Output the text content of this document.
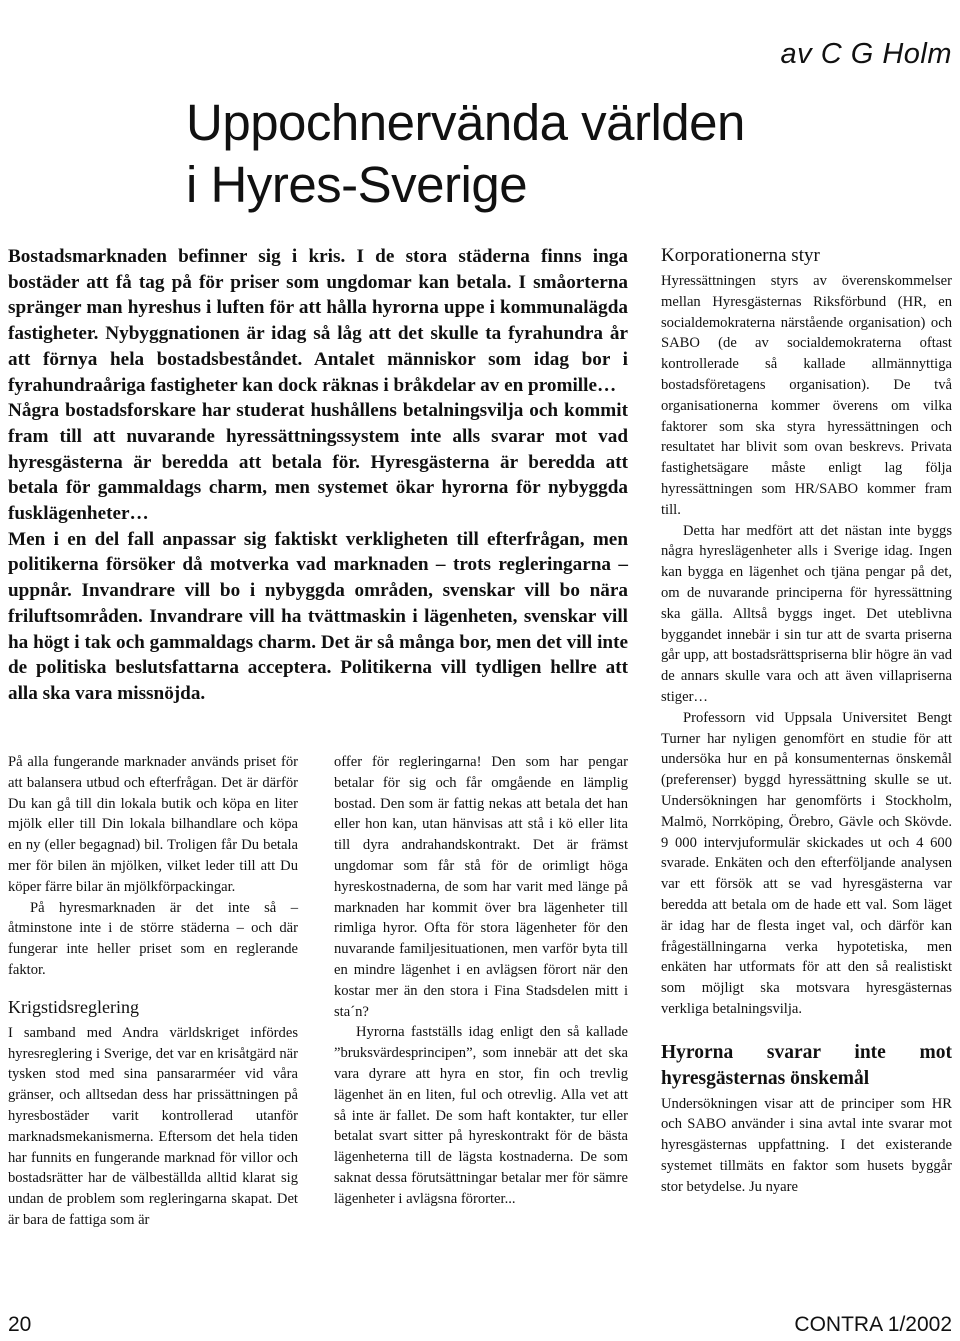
av C G Holm
Uppochnervända världen
i Hyres-Sverige

Bostadsmarknaden befinner sig i kris. I de stora städerna finns inga bostäder att få tag på för priser som ungdomar kan betala. I småorterna spränger man hyreshus i luften för att hålla hyrorna uppe i kommunalägda fastigheter. Nybyggnationen är idag så låg att det skulle ta fyrahundra år att förnya hela bostadsbeståndet. Antalet människor som idag bor i fyrahundraåriga fastigheter kan dock räknas i bråkdelar av en promille…

Några bostadsforskare har studerat hushållens betalningsvilja och kommit fram till att nuvarande hyressättningssystem inte alls svarar mot vad hyresgästerna är beredda att betala för. Hyresgästerna är beredda att betala för gammaldags charm, men systemet ökar hyrorna för nybyggda fusklägenheter…

Men i en del fall anpassar sig faktiskt verkligheten till efterfrågan, men politikerna försöker då motverka vad marknaden – trots regleringarna – uppnår. Invandrare vill bo i nybyggda områden, svenskar vill bo nära friluftsområden. Invandrare vill ha tvättmaskin i lägenheten, svenskar vill ha högt i tak och gammaldags charm. Det är så många bor, men det vill inte de politiska beslutsfattarna acceptera. Politikerna vill tydligen hellre att alla ska vara missnöjda.

På alla fungerande marknader används priset för att balansera utbud och efterfrågan. Det är därför Du kan gå till din lokala butik och köpa en liter mjölk eller till Din lokala bilhandlare och köpa en ny (eller begagnad) bil. Troligen får Du betala mer för bilen än mjölken, vilket leder till att Du köper färre bilar än mjölkförpackingar.

På hyresmarknaden är det inte så – åtminstone inte i de större städerna – och där fungerar inte heller priset som en reglerande faktor.

Krigstidsreglering

I samband med Andra världskriget infördes hyresreglering i Sverige, det var en krisåtgärd när tysken stod med sina pansararméer vid våra gränser, och alltsedan dess har prissättningen på hyresbostäder varit kontrollerad utanför marknadsmekanismerna. Eftersom det hela tiden har funnits en fungerande marknad för villor och bostadsrätter har de välbeställda alltid klarat sig undan de problem som regleringarna skapat. Det är bara de fattiga som är

offer för regleringarna! Den som har pengar betalar för sig och får omgående en lämplig bostad. Den som är fattig nekas att betala det han eller hon kan, utan hänvisas att stå i kö eller lita till dyra andrahandskontrakt. Det är främst ungdomar som får stå för de orimligt höga hyreskostnaderna, de som har varit med länge på marknaden har kommit över bra lägenheter till rimliga hyror. Ofta för stora lägenheter för den nuvarande familjesituationen, men varför byta till en mindre lägenhet i en avlägsen förort när den kostar mer än den stora i Fina Stadsdelen mitt i sta´n?

Hyrorna fastställs idag enligt den så kallade ”bruksvärdesprincipen”, som innebär att det ska vara dyrare att hyra en stor, fin och trevlig lägenhet än en liten, ful och otrevlig. Alla vet att så inte är fallet. De som haft kontakter, tur eller betalat svart sitter på hyreskontrakt för de bästa lägenheterna till de lägsta kostnaderna. De som saknat dessa förutsättningar betalar mer för sämre lägenheter i avlägsna förorter...

Korporationerna styr

Hyressättningen styrs av överenskommelser mellan Hyresgästernas Riksförbund (HR, en socialdemokraterna närstående organisation) och SABO (de av socialdemokraterna oftast kontrollerade så kallade allmännyttiga bostadsföretagens organisation). De två organisationerna kommer överens om vilka faktorer som ska styra hyressättningen och resultatet har blivit som ovan beskrevs. Privata fastighetsägare måste enligt lag följa hyressättningen som HR/SABO kommer fram till.

Detta har medfört att det nästan inte byggs några hyreslägenheter alls i Sverige idag. Ingen kan bygga en lägenhet och tjäna pengar på det, om de nuvarande principerna för hyressättning ska gälla. Alltså byggs inget. Det uteblivna byggandet innebär i sin tur att de svarta priserna går upp, att bostadsrättspriserna blir högre än vad de annars skulle vara och att även villapriserna stiger…

Professorn vid Uppsala Universitet Bengt Turner har nyligen genomfört en studie för att undersöka hur en på konsumenternas önskemål (preferenser) byggd hyressättning skulle se ut. Undersökningen har genomförts i Stockholm, Malmö, Norrköping, Örebro, Gävle och Skövde. 9 000 intervjuformulär skickades ut och 4 600 svarade. Enkäten och den efterföljande analysen var ett försök att se vad hyresgästerna var beredda att betala om de hade ett val. Som läget är idag har de flesta inget val, och därför kan frågeställningarna verka hypotetiska, men enkäten har utformats för att den så realistiskt som möjligt ska motsvara hyresgästernas verkliga betalningsvilja.

Hyrorna svarar inte mot hyresgästernas önskemål

Undersökningen visar att de principer som HR och SABO använder i sina avtal inte svarar mot hyresgästernas uppfattning. I det existerande systemet tillmäts en faktor som husets byggår stor betydelse. Ju nyare

20	CONTRA 1/2002
